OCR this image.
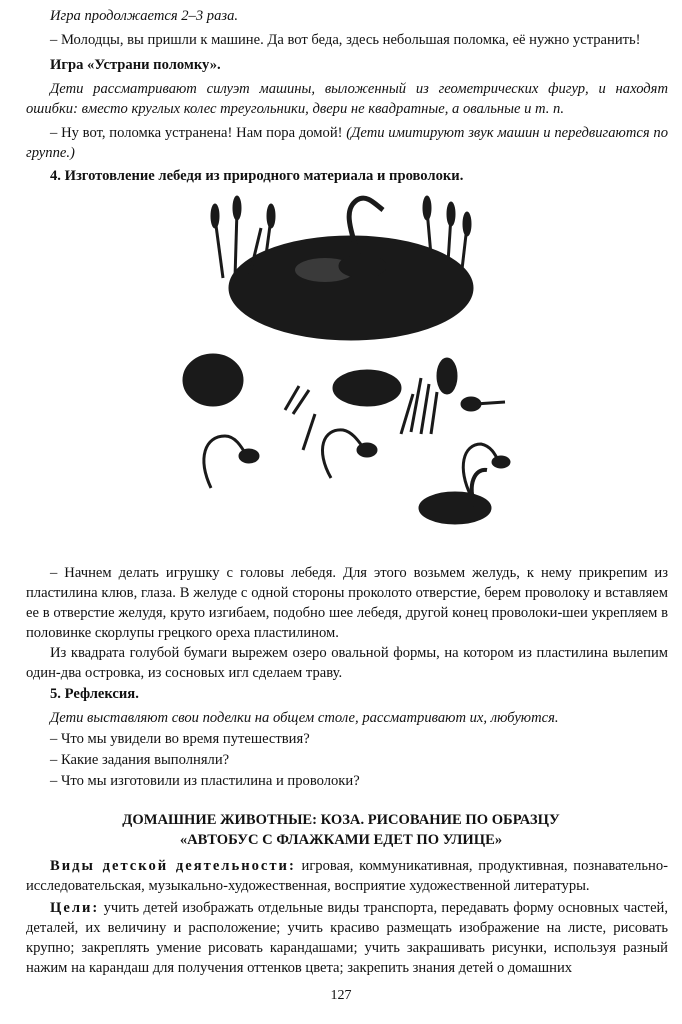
Игра продолжается 2–3 раза.

– Молодцы, вы пришли к машине. Да вот беда, здесь небольшая поломка, её нужно устранить!

Игра «Устрани поломку».

Дети рассматривают силуэт машины, выложенный из геометрических фигур, и находят ошибки: вместо круглых колес треугольники, двери не квадратные, а овальные и т. п.

– Ну вот, поломка устранена! Нам пора домой! (Дети имитируют звук машин и передвигаются по группе.)

4. Изготовление лебедя из природного материала и проволоки.

– Начнем делать игрушку с головы лебедя. Для этого возьмем желудь, к нему прикрепим из пластилина клюв, глаза. В желуде с одной стороны проколото отверстие, берем проволоку и вставляем ее в отверстие желудя, круто изгибаем, подобно шее лебедя, другой конец проволоки-шеи укрепляем в половинке скорлупы грецкого ореха пластилином.

Из квадрата голубой бумаги вырежем озеро овальной формы, на котором из пластилина вылепим один-два островка, из сосновых игл сделаем траву.

5. Рефлексия.

Дети выставляют свои поделки на общем столе, рассматривают их, любуются.

– Что мы увидели во время путешествия?

– Какие задания выполняли?

– Что мы изготовили из пластилина и проволоки?

ДОМАШНИЕ ЖИВОТНЫЕ: КОЗА. РИСОВАНИЕ ПО ОБРАЗЦУ

«АВТОБУС С ФЛАЖКАМИ ЕДЕТ ПО УЛИЦЕ»

Виды детской деятельности: игровая, коммуникативная, продуктивная, познавательно-исследовательская, музыкально-художественная, восприятие художественной литературы.

Цели: учить детей изображать отдельные виды транспорта, передавать форму основных частей, деталей, их величину и расположение; учить красиво размещать изображение на листе, рисовать крупно; закреплять умение рисовать карандашами; учить закрашивать рисунки, используя разный нажим на карандаш для получения оттенков цвета; закрепить знания детей о домашних

127
